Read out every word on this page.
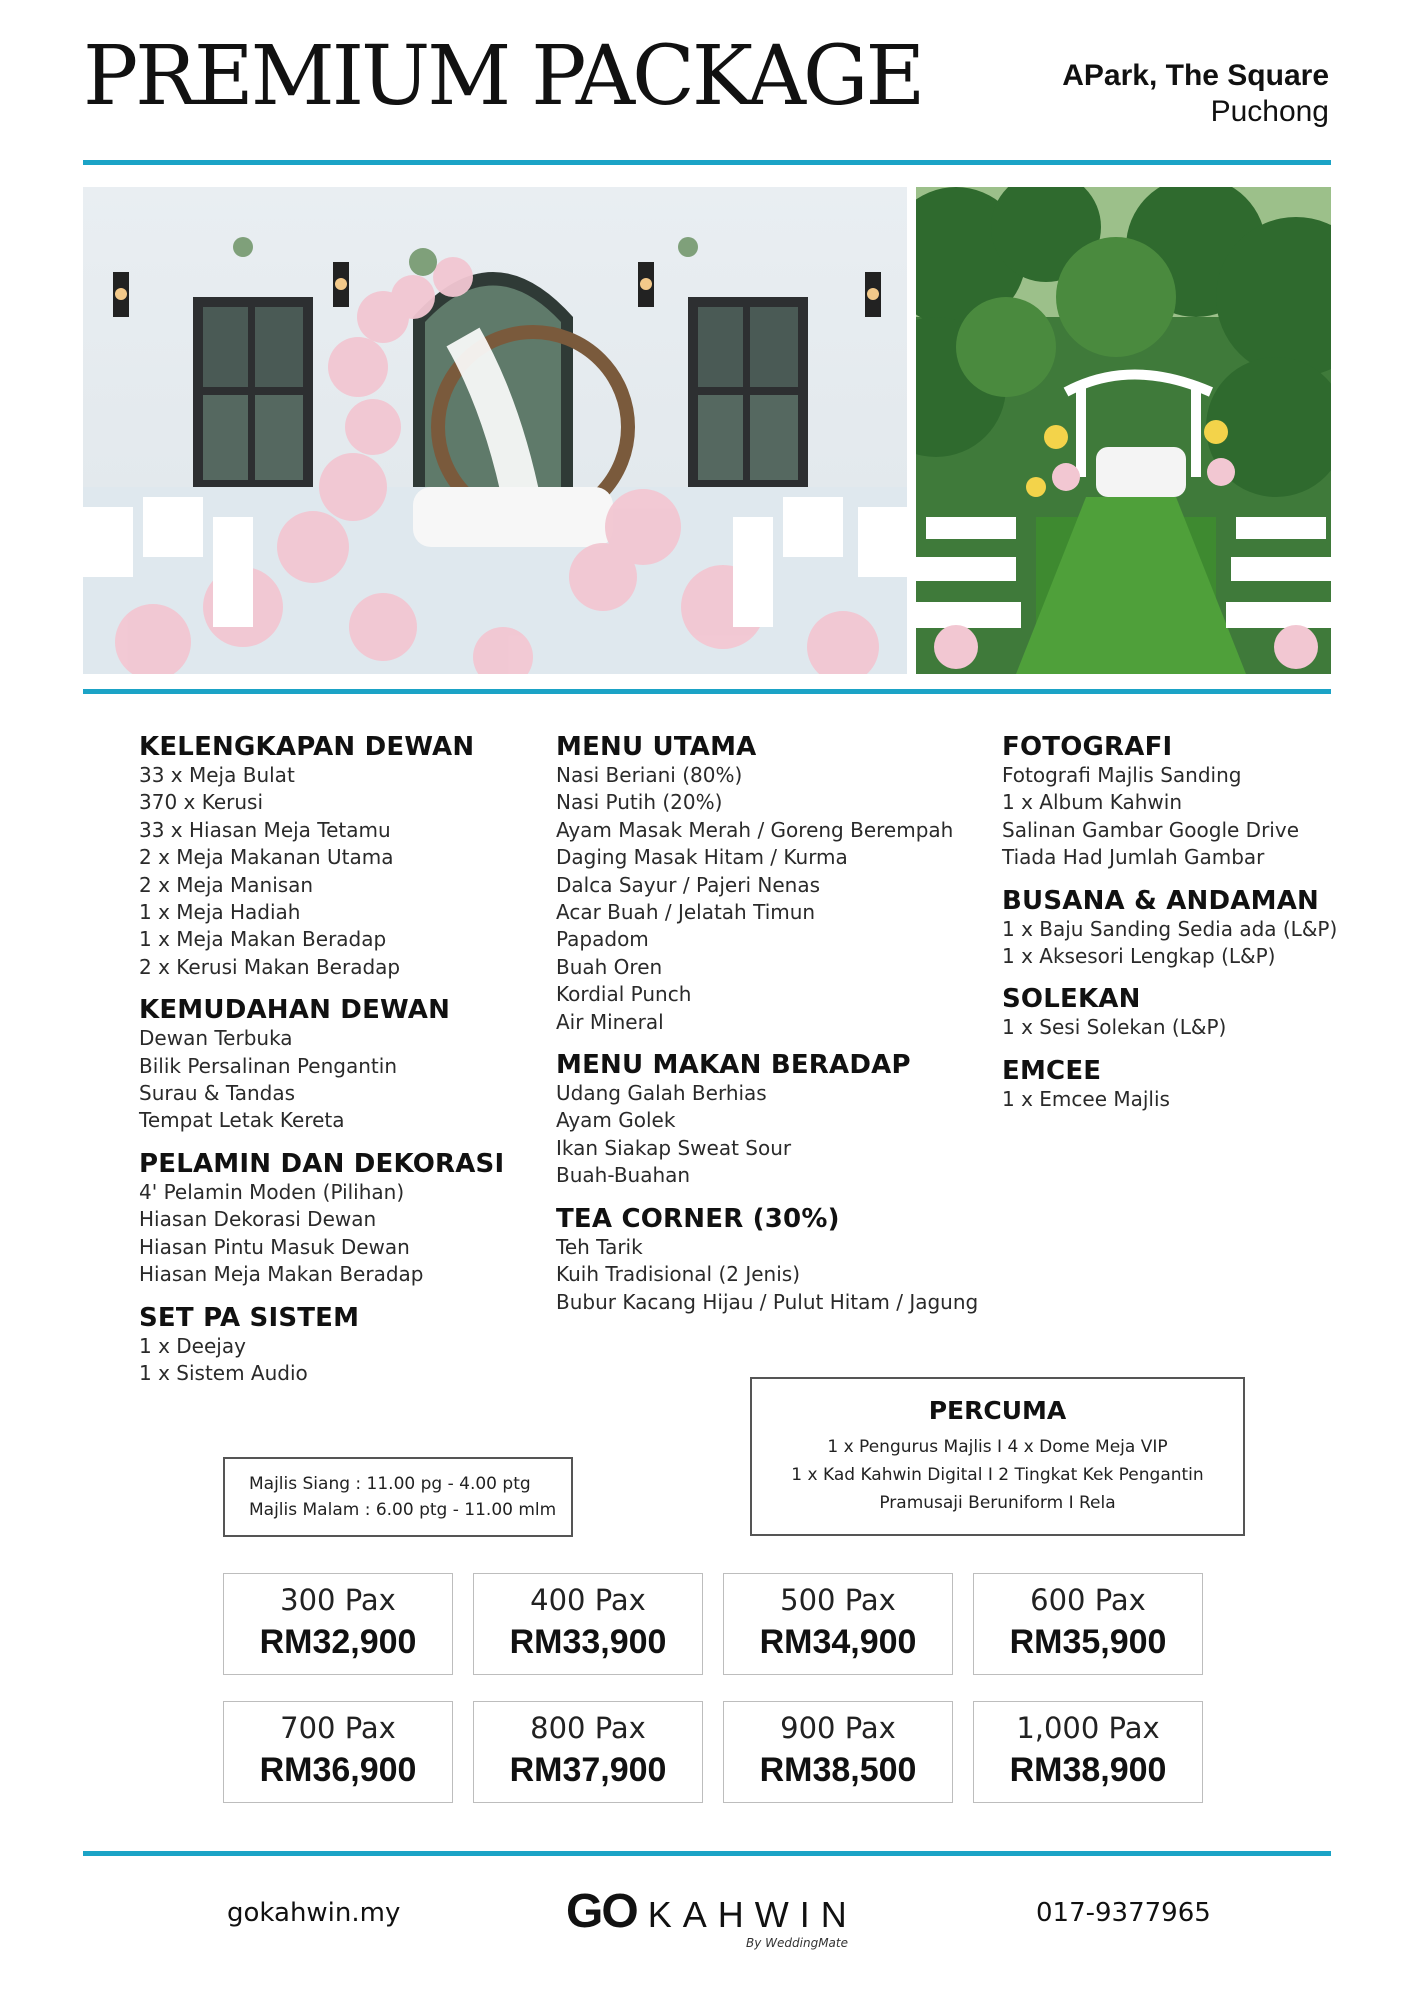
PREMIUM PACKAGE	APark, The Square
Puchong
KELENGKAPAN DEWAN
33 x Meja Bulat
370 x Kerusi
33 x Hiasan Meja Tetamu
2 x Meja Makanan Utama
2 x Meja Manisan
1 x Meja Hadiah
1 x Meja Makan Beradap
2 x Kerusi Makan Beradap
KEMUDAHAN DEWAN
Dewan Terbuka
Bilik Persalinan Pengantin
Surau & Tandas
Tempat Letak Kereta
PELAMIN DAN DEKORASI
4' Pelamin Moden (Pilihan)
Hiasan Dekorasi Dewan
Hiasan Pintu Masuk Dewan
Hiasan Meja Makan Beradap
SET PA SISTEM
1 x Deejay
1 x Sistem Audio
MENU UTAMA
Nasi Beriani (80%)
Nasi Putih (20%)
Ayam Masak Merah / Goreng Berempah
Daging Masak Hitam / Kurma
Dalca Sayur / Pajeri Nenas
Acar Buah / Jelatah Timun
Papadom
Buah Oren
Kordial Punch
Air Mineral
MENU MAKAN BERADAP
Udang Galah Berhias
Ayam Golek
Ikan Siakap Sweat Sour
Buah-Buahan
TEA CORNER (30%)
Teh Tarik
Kuih Tradisional (2 Jenis)
Bubur Kacang Hijau / Pulut Hitam / Jagung
FOTOGRAFI
Fotografi Majlis Sanding
1 x Album Kahwin
Salinan Gambar Google Drive
Tiada Had Jumlah Gambar
BUSANA & ANDAMAN
1 x Baju Sanding Sedia ada (L&P)
1 x Aksesori Lengkap (L&P)
SOLEKAN
1 x Sesi Solekan (L&P)
EMCEE
1 x Emcee Majlis
Majlis Siang : 11.00 pg - 4.00 ptg
Majlis Malam : 6.00 ptg - 11.00 mlm
PERCUMA
1 x Pengurus Majlis I 4 x Dome Meja VIP
1 x Kad Kahwin Digital I 2 Tingkat Kek Pengantin
Pramusaji Beruniform I Rela
300 Pax
RM32,900
400 Pax
RM33,900
500 Pax
RM34,900
600 Pax
RM35,900
700 Pax
RM36,900
800 Pax
RM37,900
900 Pax
RM38,500
1,000 Pax
RM38,900
gokahwin.my	GO KAHWIN
By WeddingMate
017-9377965
